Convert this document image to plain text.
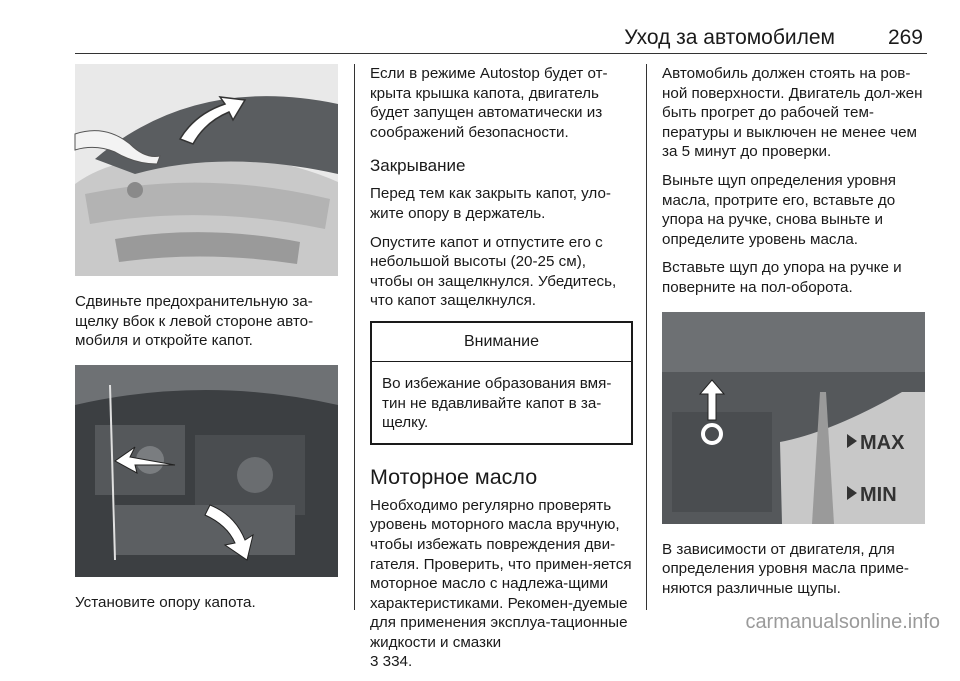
Уход за автомобилем	269

Сдвиньте предохранительную за-щелку вбок к левой стороне авто-мобиля и откройте капот.

Установите опору капота.

Если в режиме Autostop будет от-крыта крышка капота, двигатель будет запущен автоматически из соображений безопасности.

Закрывание

Перед тем как закрыть капот, уло-жите опору в держатель.

Опустите капот и отпустите его с небольшой высоты (20-25 см), чтобы он защелкнулся. Убедитесь, что капот защелкнулся.

Внимание
Во избежание образования вмя-тин не вдавливайте капот в за-щелку.
Моторное масло

Необходимо регулярно проверять уровень моторного масла вручную, чтобы избежать повреждения дви-гателя. Проверить, что примен-яется моторное масло с надлежа-щими характеристиками. Рекомен-дуемые для применения эксплуа-тационные жидкости и смазки

3 334.

Автомобиль должен стоять на ров-ной поверхности. Двигатель дол-жен быть прогрет до рабочей тем-пературы и выключен не менее чем за 5 минут до проверки.

Выньте щуп определения уровня масла, протрите его, вставьте до упора на ручке, снова выньте и определите уровень масла.

Вставьте щуп до упора на ручке и поверните на пол-оборота.

MAX
MIN

В зависимости от двигателя, для определения уровня масла приме-няются различные щупы.

carmanualsonline.info
